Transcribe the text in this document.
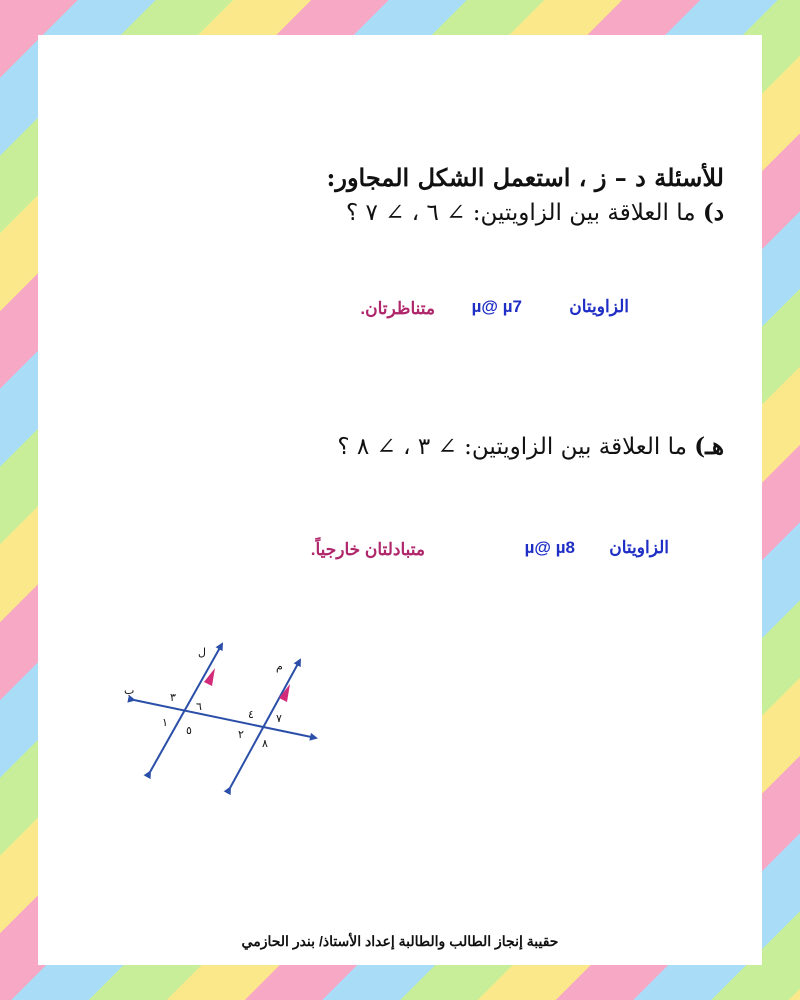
للأسئلة د – ز ، استعمل الشكل المجاور:
د) ما العلاقة بين الزاويتين: ∠ ٦ ، ∠ ٧ ؟
الزاويتان
µ@ µ7
متناظرتان.
هـ) ما العلاقة بين الزاويتين: ∠ ٣ ، ∠ ٨ ؟
الزاويتان
µ@ µ8
متبادلتان خارجياً.
حقيبة إنجاز الطالب والطالبة إعداد الأستاذ/ بندر الحازمي
ل
م
ب
٣
٦
١
٥
٤ ٧
٢
٨
